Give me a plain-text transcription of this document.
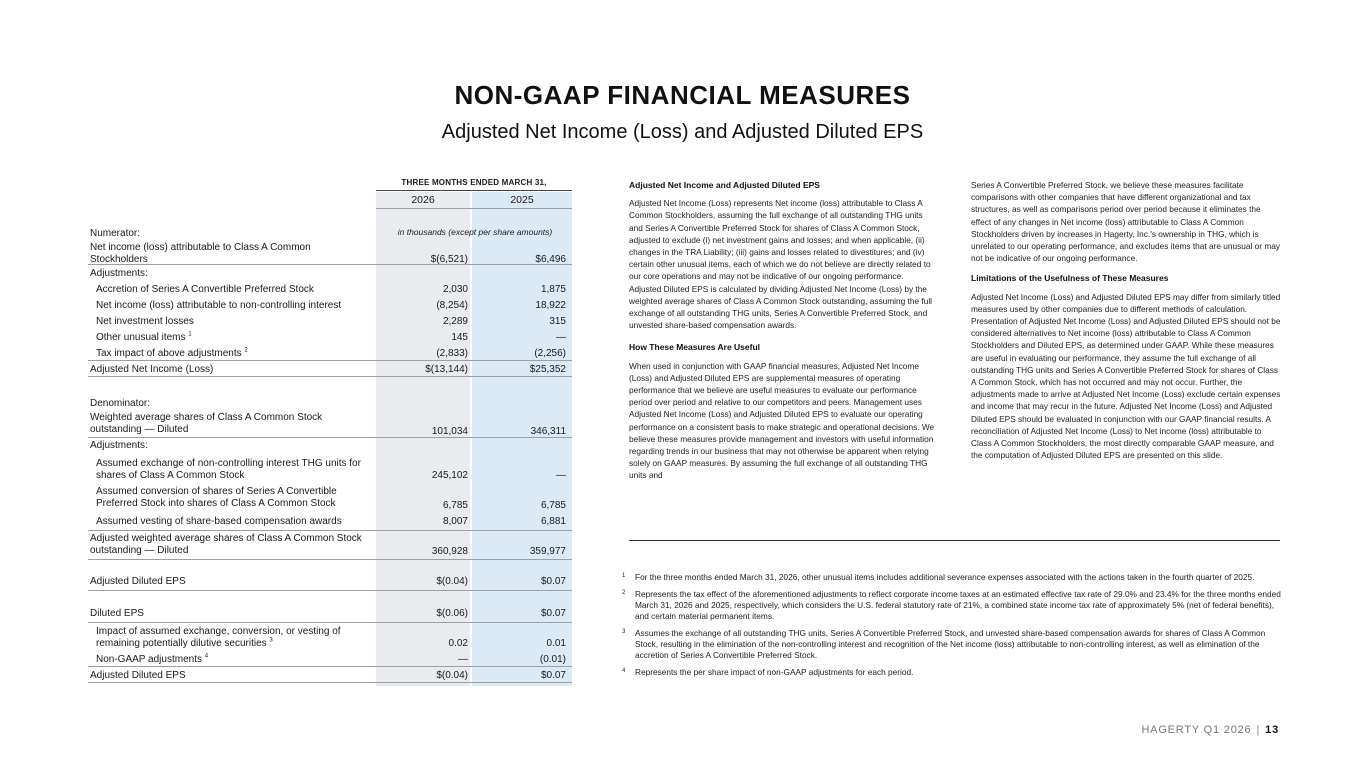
NON-GAAP FINANCIAL MEASURES
Adjusted Net Income (Loss) and Adjusted Diluted EPS
THREE MONTHS ENDED MARCH 31,
2026	2025
in thousands (except per share amounts)
Numerator:
Net income (loss) attributable to Class A Common
Stockholders	$(6,521)	$6,496
Adjustments:
Accretion of Series A Convertible Preferred Stock	2,030	1,875
Net income (loss) attributable to non-controlling interest	(8,254)	18,922
Net investment losses	2,289	315
Other unusual items $^1$	145	—
Tax impact of above adjustments $^2$	(2,833)	(2,256)
Adjusted Net Income (Loss)	$(13,144)	$25,352
Denominator:
Weighted average shares of Class A Common Stock
outstanding — Diluted	101,034	346,311
Adjustments:
Assumed exchange of non-controlling interest THG units for
shares of Class A Common Stock	245,102	—
Assumed conversion of shares of Series A Convertible
Preferred Stock into shares of Class A Common Stock	6,785	6,785
Assumed vesting of share-based compensation awards	8,007	6,881
Adjusted weighted average shares of Class A Common Stock
outstanding — Diluted	360,928	359,977
Adjusted Diluted EPS	$(0.04)	$0.07
Diluted EPS	$(0.06)	$0.07
Impact of assumed exchange, conversion, or vesting of
remaining potentially dilutive securities $^3$	0.02	0.01
Non-GAAP adjustments $^4$	—	(0.01)
Adjusted Diluted EPS	$(0.04)	$0.07
Adjusted Net Income and Adjusted Diluted EPS

Adjusted Net Income (Loss) represents Net income (loss) attributable to Class A Common Stockholders, assuming the full exchange of all outstanding THG units and Series A Convertible Preferred Stock for shares of Class A Common Stock, adjusted to exclude (i) net investment gains and losses; and when applicable, (ii) changes in the TRA Liability; (iii) gains and losses related to divestitures; and (iv) certain other unusual items, each of which we do not believe are directly related to our core operations and may not be indicative of our ongoing performance. Adjusted Diluted EPS is calculated by dividing Adjusted Net Income (Loss) by the weighted average shares of Class A Common Stock outstanding, assuming the full exchange of all outstanding THG units, Series A Convertible Preferred Stock, and unvested share-based compensation awards.

How These Measures Are Useful

When used in conjunction with GAAP financial measures, Adjusted Net Income (Loss) and Adjusted Diluted EPS are supplemental measures of operating performance that we believe are useful measures to evaluate our performance period over period and relative to our competitors and peers. Management uses Adjusted Net Income (Loss) and Adjusted Diluted EPS to evaluate our operating performance on a consistent basis to make strategic and operational decisions. We believe these measures provide management and investors with useful information regarding trends in our business that may not otherwise be apparent when relying solely on GAAP measures. By assuming the full exchange of all outstanding THG units and

Series A Convertible Preferred Stock, we believe these measures facilitate comparisons with other companies that have different organizational and tax structures, as well as comparisons period over period because it eliminates the effect of any changes in Net income (loss) attributable to Class A Common Stockholders driven by increases in Hagerty, Inc.'s ownership in THG, which is unrelated to our operating performance, and excludes items that are unusual or may not be indicative of our ongoing performance.

Limitations of the Usefulness of These Measures

Adjusted Net Income (Loss) and Adjusted Diluted EPS may differ from similarly titled measures used by other companies due to different methods of calculation. Presentation of Adjusted Net Income (Loss) and Adjusted Diluted EPS should not be considered alternatives to Net income (loss) attributable to Class A Common Stockholders and Diluted EPS, as determined under GAAP. While these measures are useful in evaluating our performance, they assume the full exchange of all outstanding THG units and Series A Convertible Preferred Stock for shares of Class A Common Stock, which has not occurred and may not occur. Further, the adjustments made to arrive at Adjusted Net Income (Loss) exclude certain expenses and income that may recur in the future. Adjusted Net Income (Loss) and Adjusted Diluted EPS should be evaluated in conjunction with our GAAP financial results. A reconciliation of Adjusted Net Income (Loss) to Net income (loss) attributable to Class A Common Stockholders, the most directly comparable GAAP measure, and the computation of Adjusted Diluted EPS are presented on this slide.

1 For the three months ended March 31, 2026, other unusual items includes additional severance expenses associated with the actions taken in the fourth quarter of 2025.
2 Represents the tax effect of the aforementioned adjustments to reflect corporate income taxes at an estimated effective tax rate of 29.0% and 23.4% for the three months ended March 31, 2026 and 2025, respectively, which considers the U.S. federal statutory rate of 21%, a combined state income tax rate of approximately 5% (net of federal benefits), and certain material permanent items.
3 Assumes the exchange of all outstanding THG units, Series A Convertible Preferred Stock, and unvested share-based compensation awards for shares of Class A Common Stock, resulting in the elimination of the non-controlling interest and recognition of the Net income (loss) attributable to non-controlling interest, as well as elimination of the accretion of Series A Convertible Preferred Stock.
4 Represents the per share impact of non-GAAP adjustments for each period.
HAGERTY Q1 2026 | 13
